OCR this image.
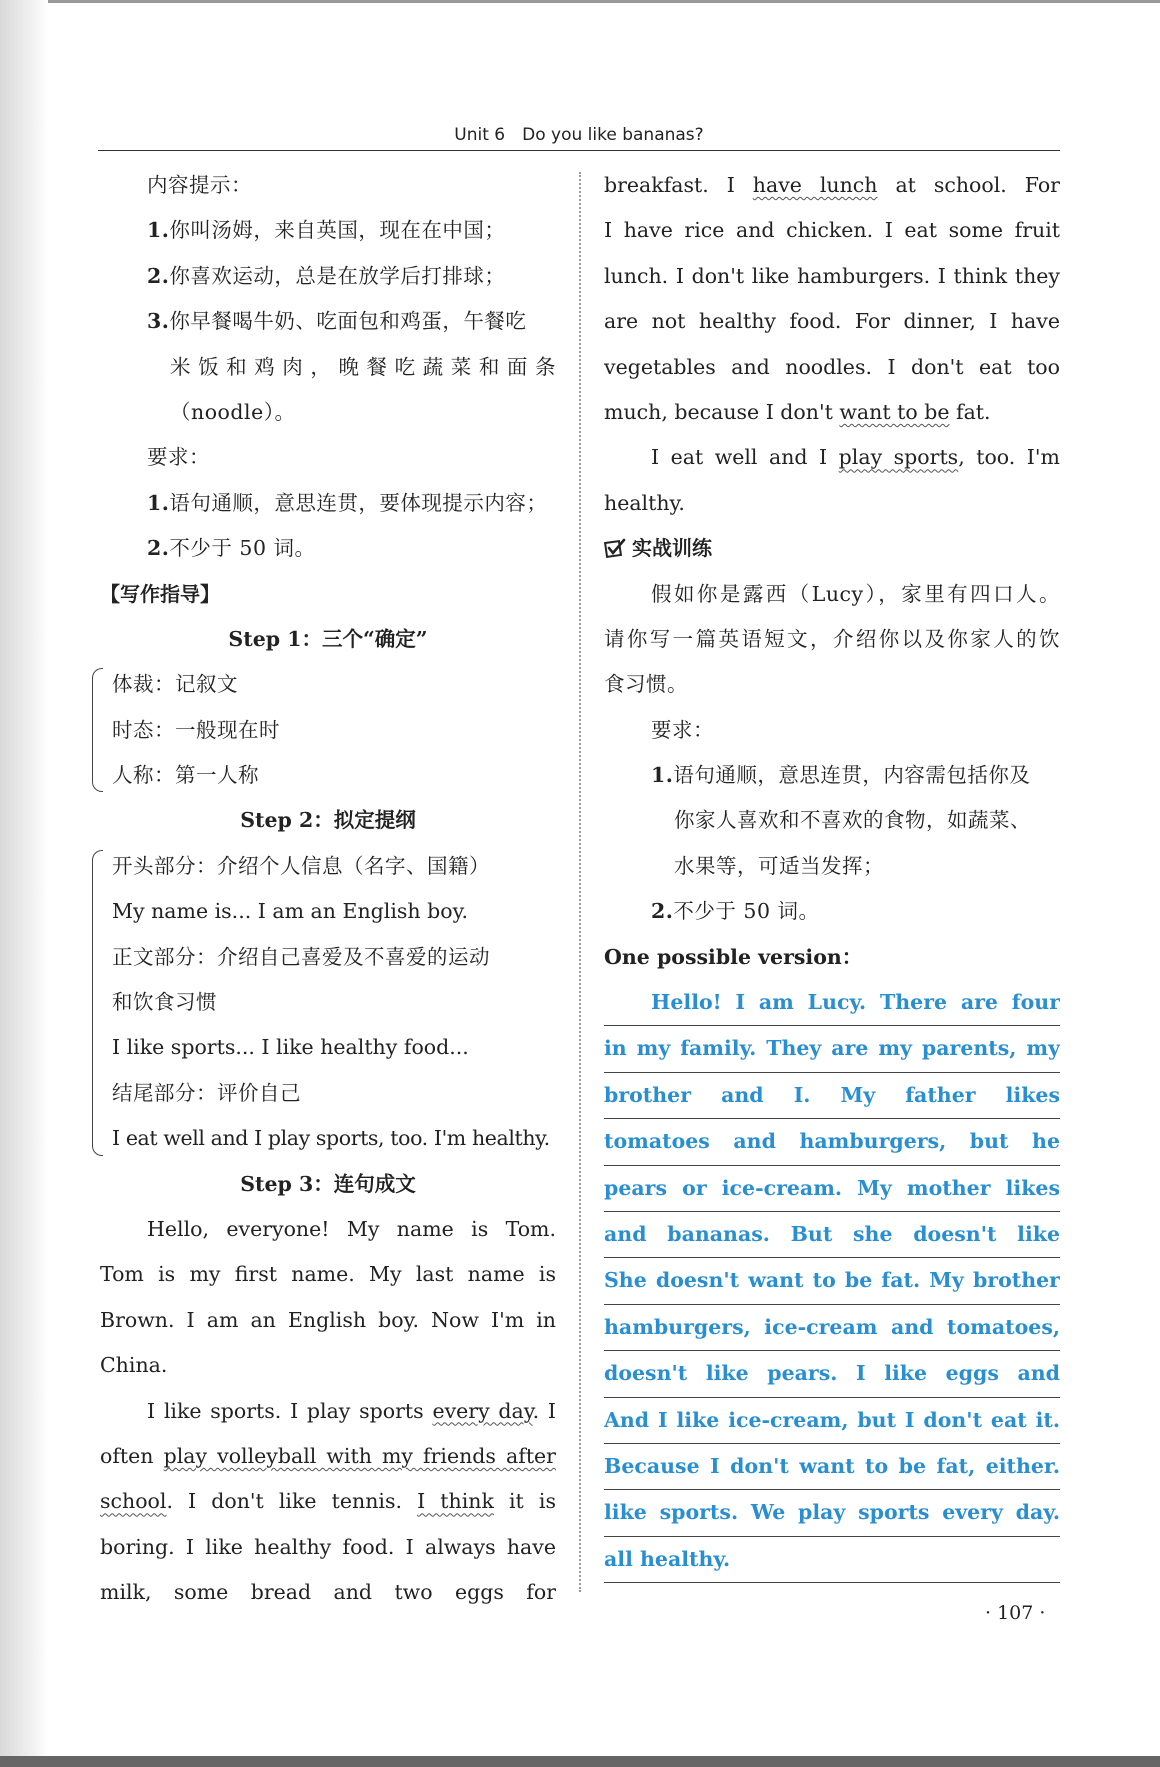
Unit 6　Do you like bananas?
内容提示：
1.你叫汤姆，来自英国，现在在中国；
2.你喜欢运动，总是在放学后打排球；
3.你早餐喝牛奶、吃面包和鸡蛋，午餐吃
米饭和鸡肉，晚餐吃蔬菜和面条
（noodle）。
要求：
1.语句通顺，意思连贯，要体现提示内容；
2.不少于 50 词。
【写作指导】
Step 1：三个“确定”
体裁：记叙文
时态：一般现在时
人称：第一人称
Step 2：拟定提纲
开头部分：介绍个人信息（名字、国籍）
My name is... I am an English boy.
正文部分：介绍自己喜爱及不喜爱的运动
和饮食习惯
I like sports... I like healthy food...
结尾部分：评价自己
I eat well and I play sports, too. I'm healthy.
Step 3：连句成文
Hello, everyone! My name is Tom.
Tom is my first name. My last name is
Brown. I am an English boy. Now I'm in
China.
I like sports. I play sports every day. I
often play volleyball with my friends after
school. I don't like tennis. I think it is
boring. I like healthy food. I always have
milk, some bread and two eggs for
breakfast. I have lunch at school. For
I have rice and chicken. I eat some fruit
lunch. I don't like hamburgers. I think they
are not healthy food. For dinner, I have
vegetables and noodles. I don't eat too
much, because I don't want to be fat.
I eat well and I play sports, too. I'm
healthy.
实战训练
假如你是露西（Lucy），家里有四口人。
请你写一篇英语短文，介绍你以及你家人的饮
食习惯。
要求：
1.语句通顺，意思连贯，内容需包括你及
你家人喜欢和不喜欢的食物，如蔬菜、
水果等，可适当发挥；
2.不少于 50 词。
One possible version：
Hello! I am Lucy. There are four
in my family. They are my parents, my
brother and I. My father likes
tomatoes and hamburgers, but he
pears or ice-cream. My mother likes
and bananas. But she doesn't like
She doesn't want to be fat. My brother
hamburgers, ice-cream and tomatoes,
doesn't like pears. I like eggs and
And I like ice-cream, but I don't eat it.
Because I don't want to be fat, either.
like sports. We play sports every day.
all healthy.
· 107 ·
